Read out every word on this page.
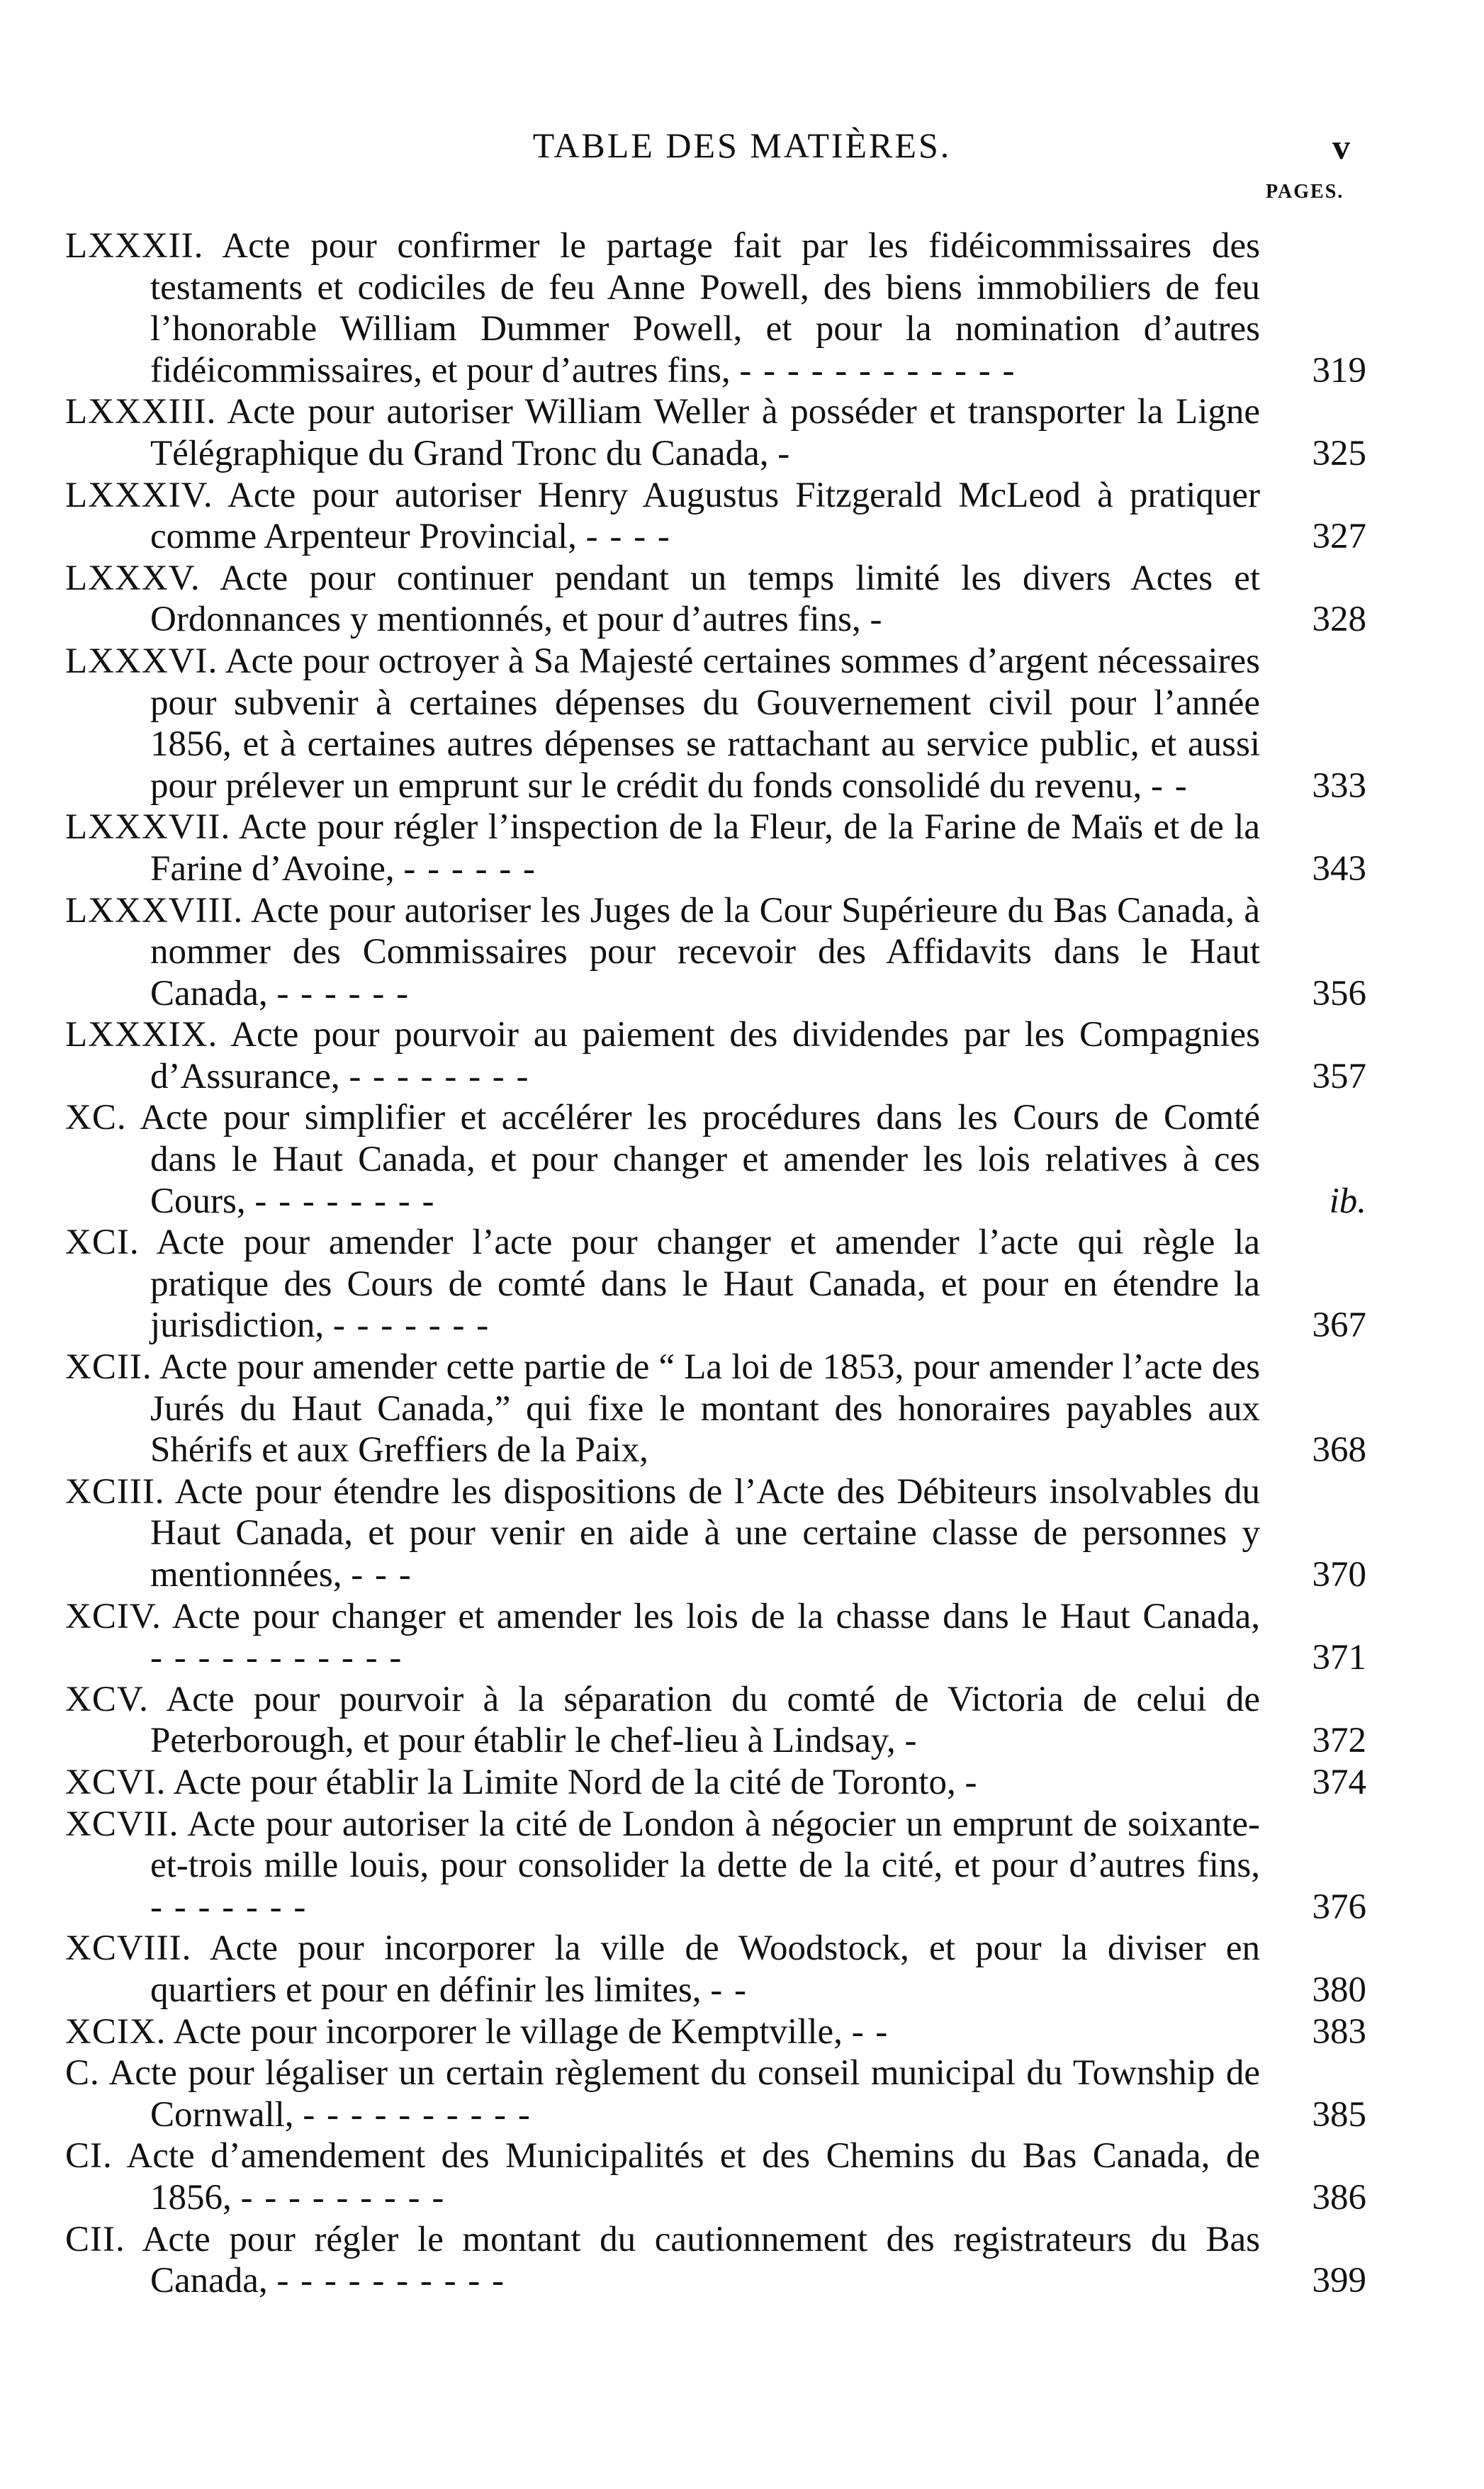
TABLE DES MATIÈRES.	v
PAGES.
LXXXII. Acte pour confirmer le partage fait par les fidéicommissaires des testaments et codiciles de feu Anne Powell, des biens immobiliers de feu l’honorable William Dummer Powell, et pour la nomination d’autres fidéicommissaires, et pour d’autres fins, - - - - - - - - - - - -	319
LXXXIII. Acte pour autoriser William Weller à posséder et transporter la Ligne Télégraphique du Grand Tronc du Canada, -	325
LXXXIV. Acte pour autoriser Henry Augustus Fitzgerald McLeod à pratiquer comme Arpenteur Provincial, - - - -	327
LXXXV. Acte pour continuer pendant un temps limité les divers Actes et Ordonnances y mentionnés, et pour d’autres fins, -	328
LXXXVI. Acte pour octroyer à Sa Majesté certaines sommes d’argent nécessaires pour subvenir à certaines dépenses du Gouvernement civil pour l’année 1856, et à certaines autres dépenses se rattachant au service public, et aussi pour prélever un emprunt sur le crédit du fonds consolidé du revenu, - -	333
LXXXVII. Acte pour régler l’inspection de la Fleur, de la Farine de Maïs et de la Farine d’Avoine, - - - - - -	343
LXXXVIII. Acte pour autoriser les Juges de la Cour Supérieure du Bas Canada, à nommer des Commissaires pour recevoir des Affidavits dans le Haut Canada, - - - - - -	356
LXXXIX. Acte pour pourvoir au paiement des dividendes par les Compagnies d’Assurance, - - - - - - - -	357
XC. Acte pour simplifier et accélérer les procédures dans les Cours de Comté dans le Haut Canada, et pour changer et amender les lois relatives à ces Cours, - - - - - - - -	ib.
XCI. Acte pour amender l’acte pour changer et amender l’acte qui règle la pratique des Cours de comté dans le Haut Canada, et pour en étendre la jurisdiction, - - - - - - -	367
XCII. Acte pour amender cette partie de “ La loi de 1853, pour amender l’acte des Jurés du Haut Canada,” qui fixe le montant des honoraires payables aux Shérifs et aux Greffiers de la Paix,	368
XCIII. Acte pour étendre les dispositions de l’Acte des Débiteurs insolvables du Haut Canada, et pour venir en aide à une certaine classe de personnes y mentionnées, - - -	370
XCIV. Acte pour changer et amender les lois de la chasse dans le Haut Canada, - - - - - - - - - - -	371
XCV. Acte pour pourvoir à la séparation du comté de Victoria de celui de Peterborough, et pour établir le chef-lieu à Lindsay, -	372
XCVI. Acte pour établir la Limite Nord de la cité de Toronto, -	374
XCVII. Acte pour autoriser la cité de London à négocier un emprunt de soixante-et-trois mille louis, pour consolider la dette de la cité, et pour d’autres fins, - - - - - - -	376
XCVIII. Acte pour incorporer la ville de Woodstock, et pour la diviser en quartiers et pour en définir les limites, - -	380
XCIX. Acte pour incorporer le village de Kemptville, - -	383
C. Acte pour légaliser un certain règlement du conseil municipal du Township de Cornwall, - - - - - - - - - -	385
CI. Acte d’amendement des Municipalités et des Chemins du Bas Canada, de 1856, - - - - - - - - -	386
CII. Acte pour régler le montant du cautionnement des registrateurs du Bas Canada, - - - - - - - - - -	399
